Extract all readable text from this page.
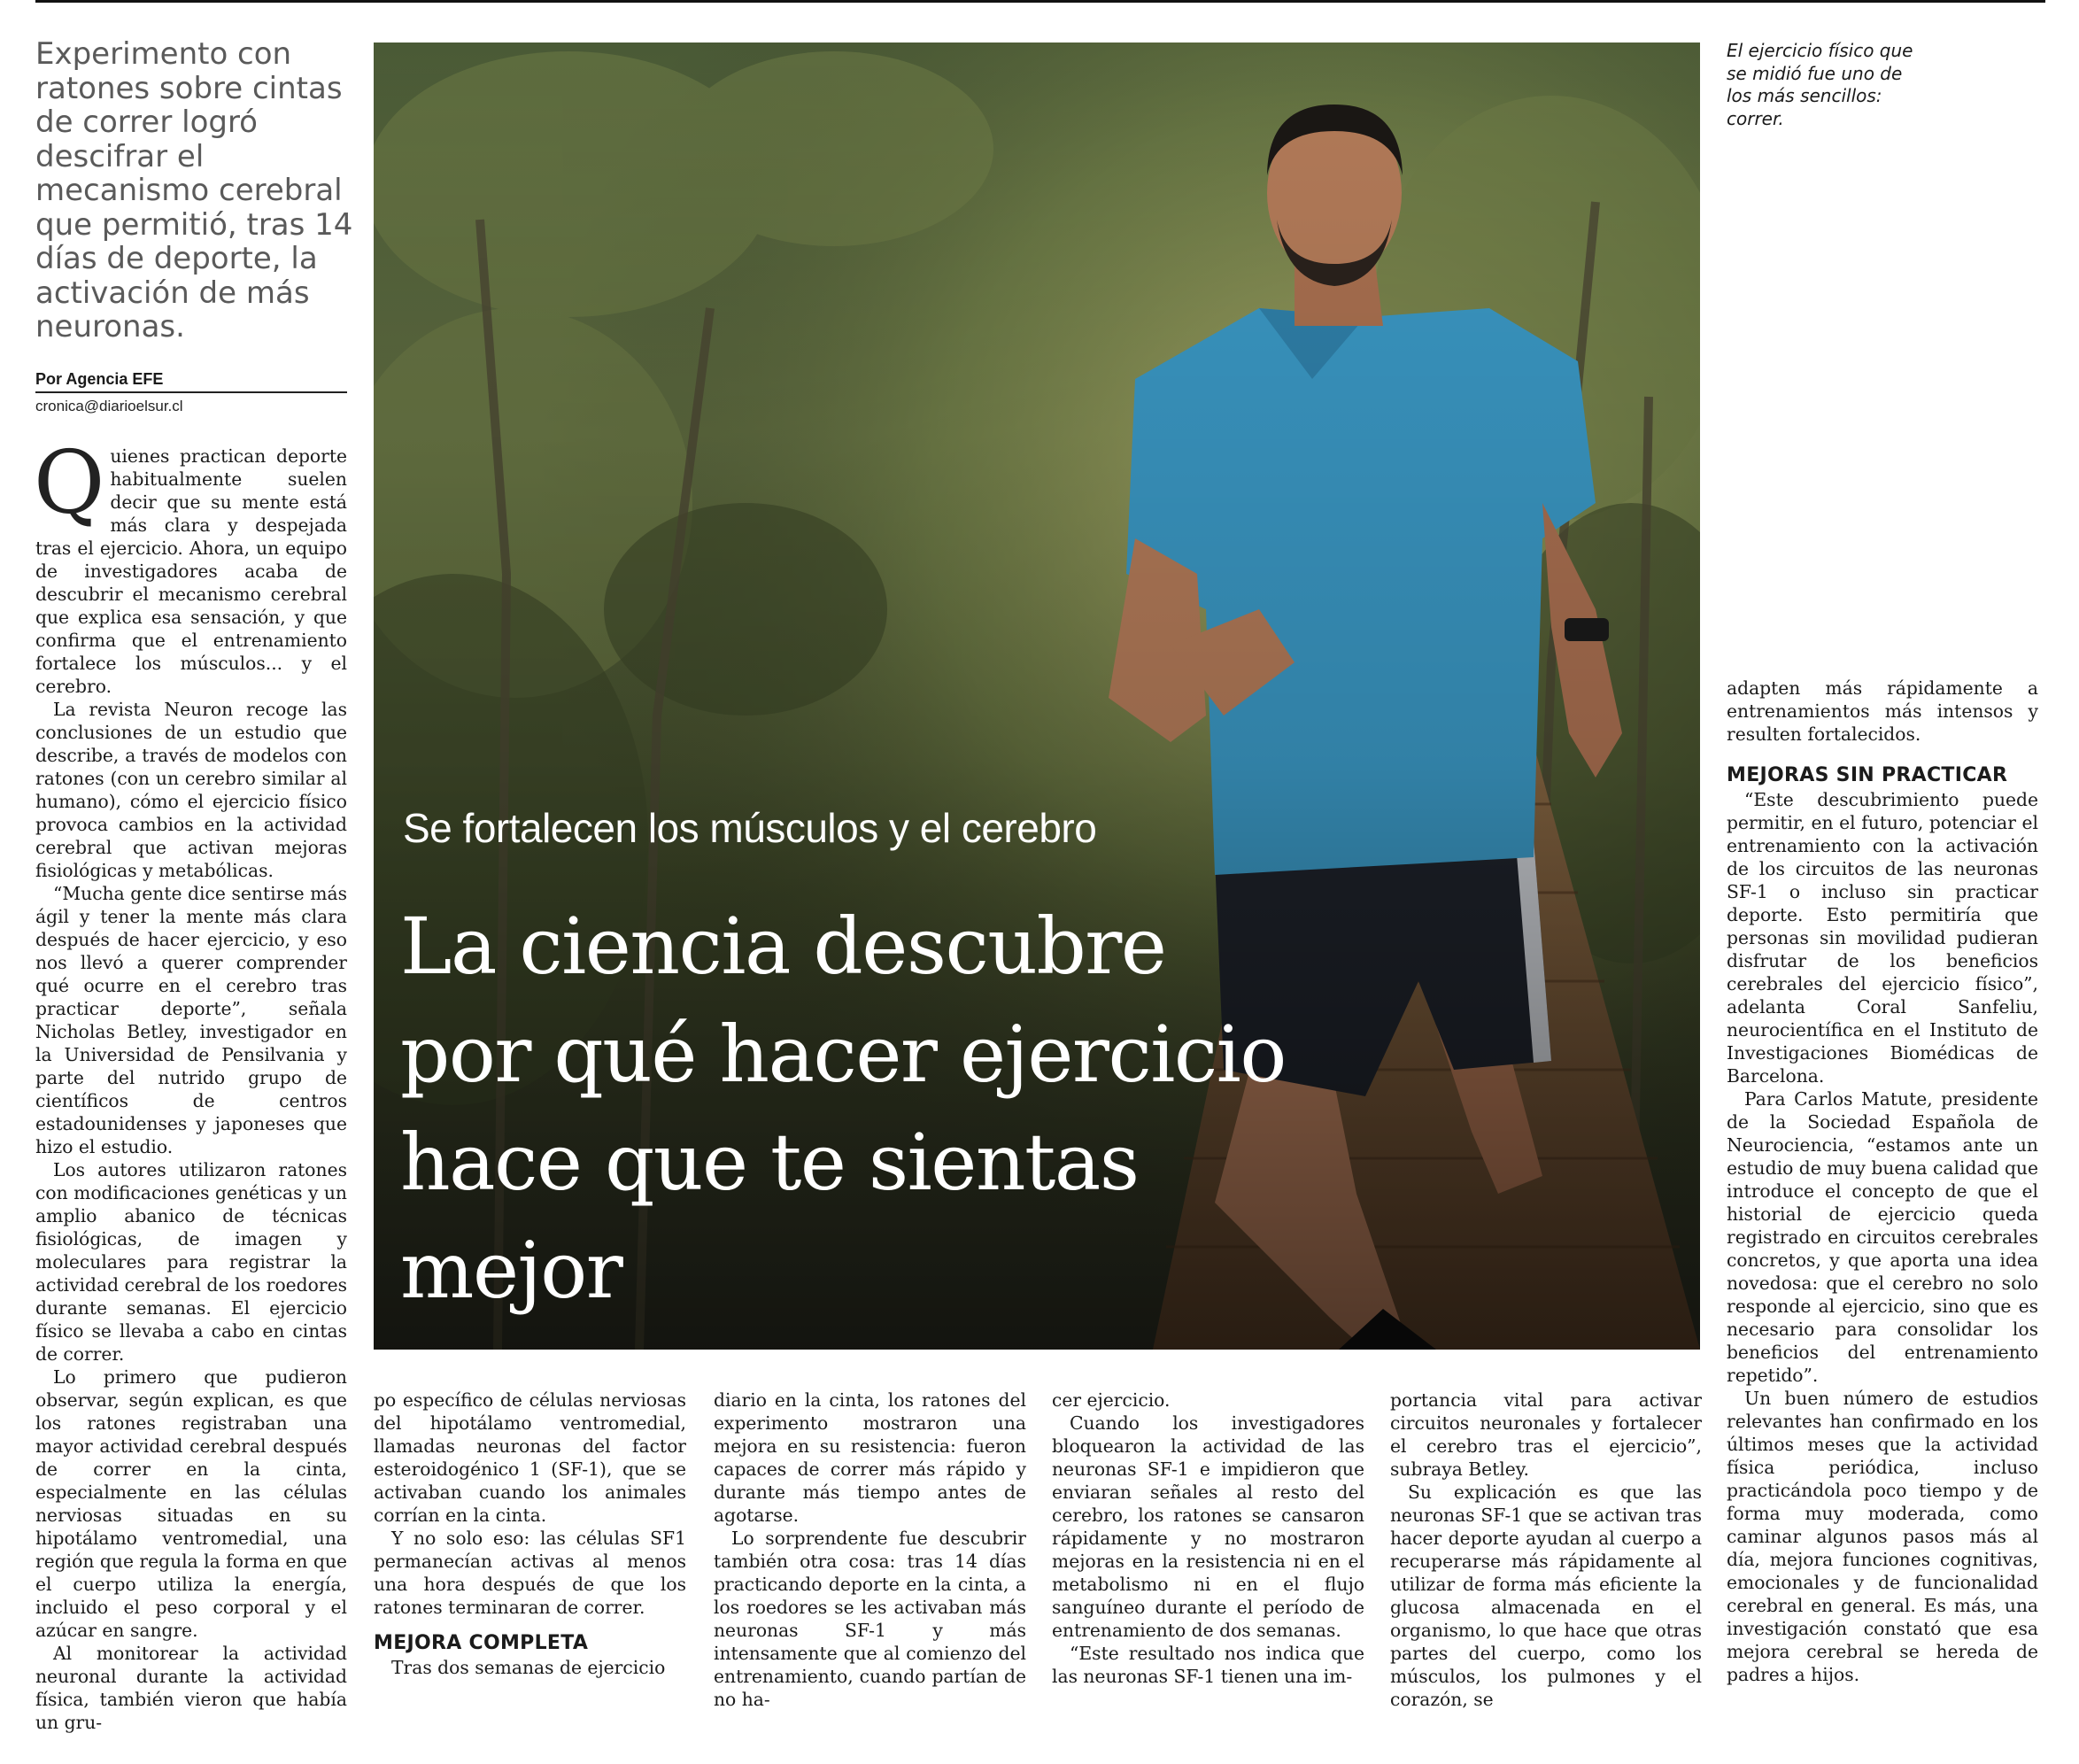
Experimento con ratones sobre cintas de correr logró descifrar el mecanismo cerebral que permitió, tras 14 días de deporte, la activación de más neuronas.
Por Agencia EFE
cronica@diarioelsur.cl
Se fortalecen los músculos y el cerebro
La ciencia descubre por qué hacer ejercicio hace que te sientas mejor
El ejercicio físico que se midió fue uno de los más sencillos: correr.

Quienes practican deporte habitualmente suelen decir que su mente está más clara y despejada tras el ejercicio. Ahora, un equipo de investigadores acaba de descubrir el mecanismo cerebral que explica esa sensación, y que confirma que el entrenamiento fortalece los músculos... y el cerebro.

La revista Neuron recoge las conclusiones de un estudio que describe, a través de modelos con ratones (con un cerebro similar al humano), cómo el ejercicio físico provoca cambios en la actividad cerebral que activan mejoras fisiológicas y metabólicas.

“Mucha gente dice sentirse más ágil y tener la mente más clara después de hacer ejercicio, y eso nos llevó a querer comprender qué ocurre en el cerebro tras practicar deporte”, señala Nicholas Betley, investigador en la Universidad de Pensilvania y parte del nutrido grupo de científicos de centros estadounidenses y japoneses que hizo el estudio.

Los autores utilizaron ratones con modificaciones genéticas y un amplio abanico de técnicas fisiológicas, de imagen y moleculares para registrar la actividad cerebral de los roedores durante semanas. El ejercicio físico se llevaba a cabo en cintas de correr.

Lo primero que pudieron observar, según explican, es que los ratones registraban una mayor actividad cerebral después de correr en la cinta, especialmente en las células nerviosas situadas en su hipotálamo ventromedial, una región que regula la forma en que el cuerpo utiliza la energía, incluido el peso corporal y el azúcar en sangre.

Al monitorear la actividad neuronal durante la actividad física, también vieron que había un gru-

po específico de células nerviosas del hipotálamo ventromedial, llamadas neuronas del factor esteroidogénico 1 (SF-1), que se activaban cuando los animales corrían en la cinta.

Y no solo eso: las células SF1 permanecían activas al menos una hora después de que los ratones terminaran de correr.

MEJORA COMPLETA

Tras dos semanas de ejercicio

diario en la cinta, los ratones del experimento mostraron una mejora en su resistencia: fueron capaces de correr más rápido y durante más tiempo antes de agotarse.

Lo sorprendente fue descubrir también otra cosa: tras 14 días practicando deporte en la cinta, a los roedores se les activaban más neuronas SF-1 y más intensamente que al comienzo del entrenamiento, cuando partían de no ha-

cer ejercicio.

Cuando los investigadores bloquearon la actividad de las neuronas SF-1 e impidieron que enviaran señales al resto del cerebro, los ratones se cansaron rápidamente y no mostraron mejoras en la resistencia ni en el metabolismo ni en el flujo sanguíneo durante el período de entrenamiento de dos semanas.

“Este resultado nos indica que las neuronas SF-1 tienen una im-

portancia vital para activar circuitos neuronales y fortalecer el cerebro tras el ejercicio”, subraya Betley.

Su explicación es que las neuronas SF-1 que se activan tras hacer deporte ayudan al cuerpo a recuperarse más rápidamente al utilizar de forma más eficiente la glucosa almacenada en el organismo, lo que hace que otras partes del cuerpo, como los músculos, los pulmones y el corazón, se

adapten más rápidamente a entrenamientos más intensos y resulten fortalecidos.

MEJORAS SIN PRACTICAR

“Este descubrimiento puede permitir, en el futuro, potenciar el entrenamiento con la activación de los circuitos de las neuronas SF-1 o incluso sin practicar deporte. Esto permitiría que personas sin movilidad pudieran disfrutar de los beneficios cerebrales del ejercicio físico”, adelanta Coral Sanfeliu, neurocientífica en el Instituto de Investigaciones Biomédicas de Barcelona.

Para Carlos Matute, presidente de la Sociedad Española de Neurociencia, “estamos ante un estudio de muy buena calidad que introduce el concepto de que el historial de ejercicio queda registrado en circuitos cerebrales concretos, y que aporta una idea novedosa: que el cerebro no solo responde al ejercicio, sino que es necesario para consolidar los beneficios del entrenamiento repetido”.

Un buen número de estudios relevantes han confirmado en los últimos meses que la actividad física periódica, incluso practicándola poco tiempo y de forma muy moderada, como caminar algunos pasos más al día, mejora funciones cognitivas, emocionales y de funcionalidad cerebral en general. Es más, una investigación constató que esa mejora cerebral se hereda de padres a hijos.
